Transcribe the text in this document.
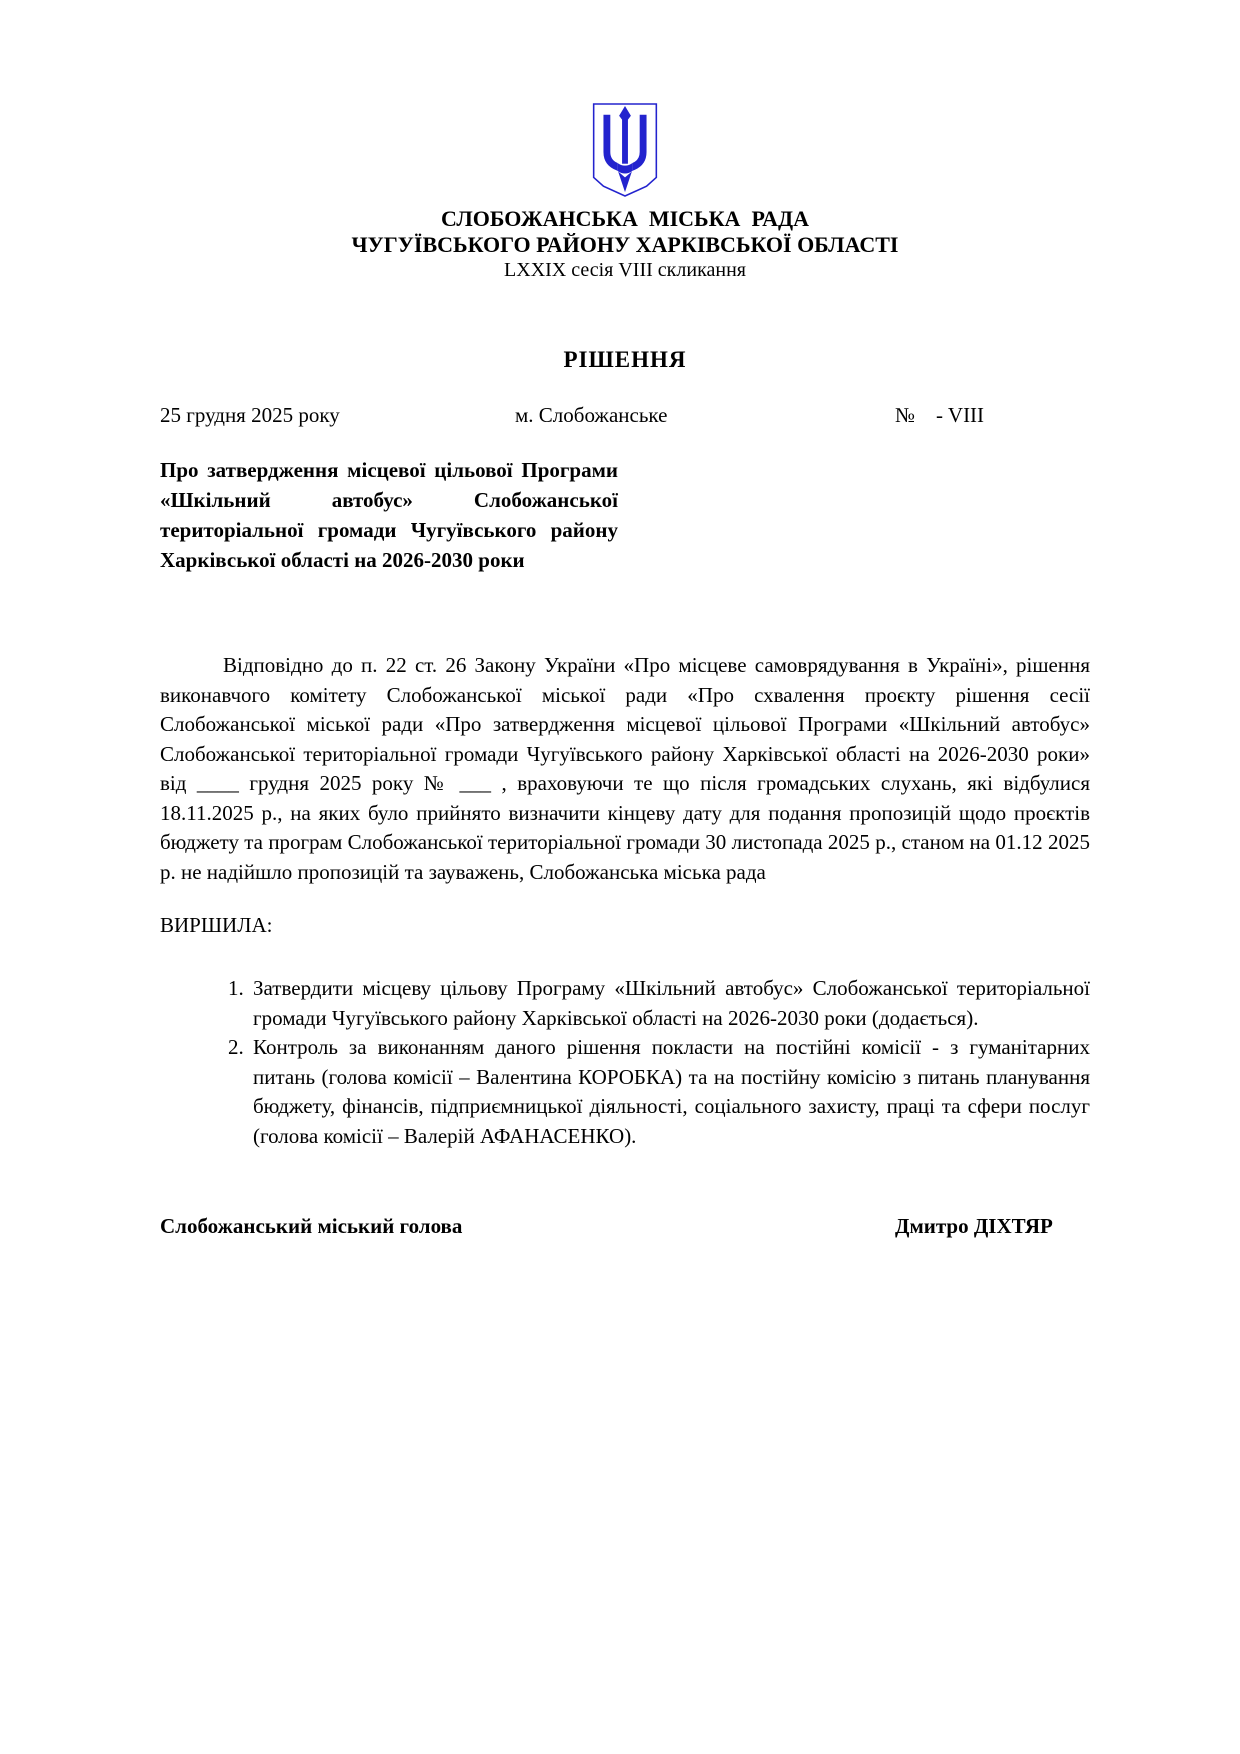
СЛОБОЖАНСЬКА  МІСЬКА  РАДА
ЧУГУЇВСЬКОГО РАЙОНУ ХАРКІВСЬКОЇ ОБЛАСТІ
LXXIX сесія VIII скликання
РІШЕННЯ
25 грудня 2025 року	м. Слобожанське	№    - VIII
Про затвердження місцевої цільової Програми «Шкільний автобус» Слобожанської територіальної громади Чугуївського району Харківської області на 2026-2030 роки

Відповідно до п. 22 ст. 26 Закону України «Про місцеве самоврядування в Україні», рішення виконавчого комітету Слобожанської міської ради «Про схвалення проєкту рішення сесії Слобожанської міської ради «Про затвердження місцевої цільової Програми «Шкільний автобус» Слобожанської територіальної громади Чугуївського району Харківської області на 2026-2030 роки» від ____ грудня 2025 року № ___ , враховуючи те що після громадських слухань, які відбулися 18.11.2025 р., на яких було прийнято визначити кінцеву дату для подання пропозицій щодо проєктів бюджету та програм Слобожанської територіальної громади 30 листопада 2025 р., станом на 01.12 2025 р. не надійшло пропозицій та зауважень, Слобожанська міська рада

ВИРШИЛА:
1. Затвердити місцеву цільову Програму «Шкільний автобус» Слобожанської територіальної громади Чугуївського району Харківської області на 2026-2030 роки (додається).
2. Контроль за виконанням даного рішення покласти на постійні комісії - з гуманітарних питань (голова комісії – Валентина КОРОБКА) та на постійну комісію з питань планування бюджету, фінансів, підприємницької діяльності, соціального захисту, праці та сфери послуг (голова комісії – Валерій АФАНАСЕНКО).
Слобожанський міський голова	Дмитро ДІХТЯР
